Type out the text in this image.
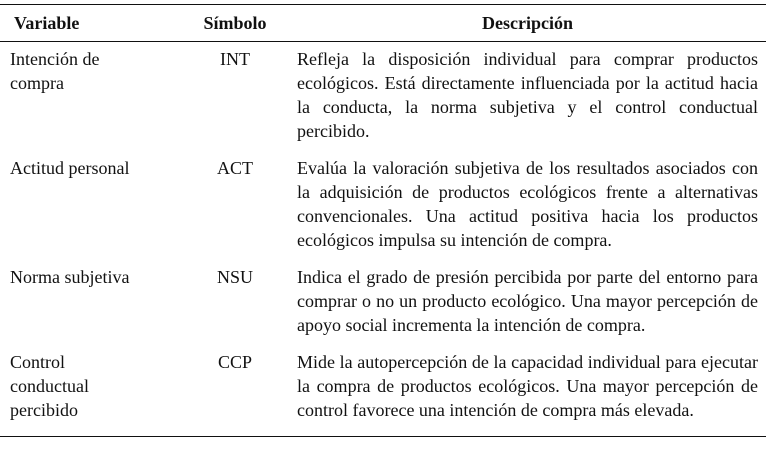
Variable	Símbolo	Descripción
Intención de compra	INT	Refleja la disposición individual para comprar productos ecológicos. Está directamente influenciada por la actitud hacia la conducta, la norma subjetiva y el control conductual percibido.
Actitud personal	ACT	Evalúa la valoración subjetiva de los resultados asociados con la adquisición de productos ecológicos frente a alternativas convencionales. Una actitud positiva hacia los productos ecológicos impulsa su intención de compra.
Norma subjetiva	NSU	Indica el grado de presión percibida por parte del entorno para comprar o no un producto ecológico. Una mayor percepción de apoyo social incrementa la intención de compra.
Control conductual percibido	CCP	Mide la autopercepción de la capacidad individual para ejecutar la compra de productos ecológicos. Una mayor percepción de control favorece una intención de compra más elevada.
